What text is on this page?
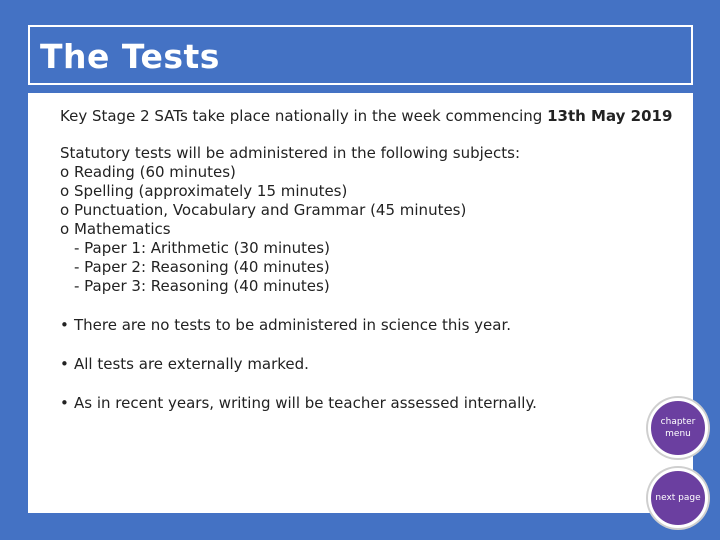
The Tests
Key Stage 2 SATs take place nationally in the week commencing 13th May 2019
Statutory tests will be administered in the following subjects:
o Reading (60 minutes)
o Spelling (approximately 15 minutes)
o Punctuation, Vocabulary and Grammar (45 minutes)
o Mathematics
- Paper 1: Arithmetic (30 minutes)
- Paper 2: Reasoning (40 minutes)
- Paper 3: Reasoning (40 minutes)
• There are no tests to be administered in science this year.
• All tests are externally marked.
• As in recent years, writing will be teacher assessed internally.
chapter menu
next page
